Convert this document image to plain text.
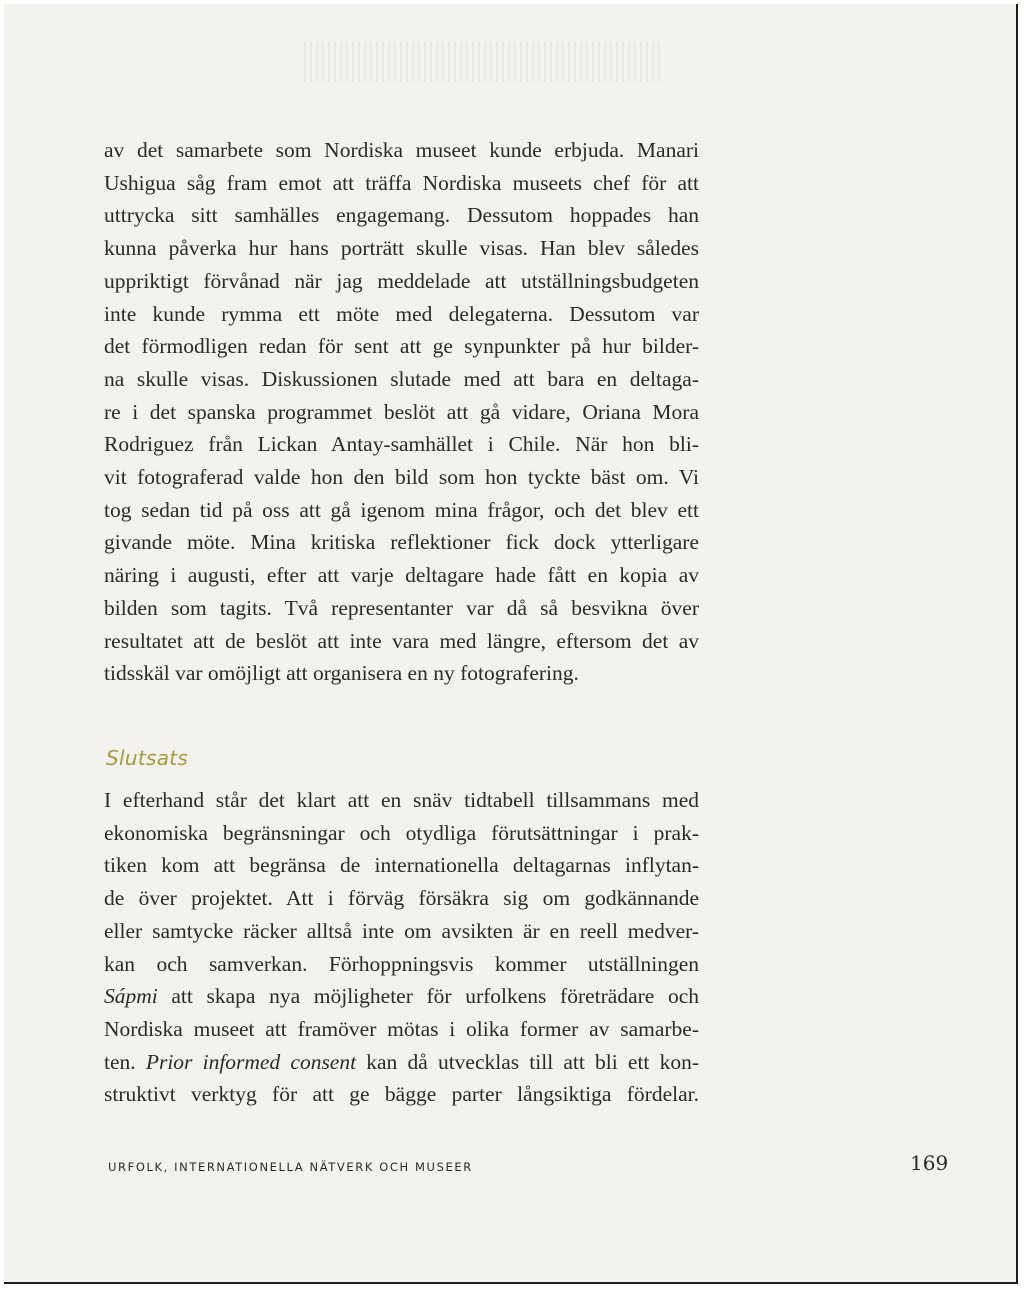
av det samarbete som Nordiska museet kunde erbjuda. Manari
Ushigua såg fram emot att träffa Nordiska museets chef för att
uttrycka sitt samhälles engagemang. Dessutom hoppades han
kunna påverka hur hans porträtt skulle visas. Han blev således
uppriktigt förvånad när jag meddelade att utställningsbudgeten
inte kunde rymma ett möte med delegaterna. Dessutom var
det förmodligen redan för sent att ge synpunkter på hur bilder-
na skulle visas. Diskussionen slutade med att bara en deltaga-
re i det spanska programmet beslöt att gå vidare, Oriana Mora
Rodriguez från Lickan Antay-samhället i Chile. När hon bli-
vit fotograferad valde hon den bild som hon tyckte bäst om. Vi
tog sedan tid på oss att gå igenom mina frågor, och det blev ett
givande möte. Mina kritiska reflektioner fick dock ytterligare
näring i augusti, efter att varje deltagare hade fått en kopia av
bilden som tagits. Två representanter var då så besvikna över
resultatet att de beslöt att inte vara med längre, eftersom det av
tidsskäl var omöjligt att organisera en ny fotografering.
Slutsats
I efterhand står det klart att en snäv tidtabell tillsammans med
ekonomiska begränsningar och otydliga förutsättningar i prak-
tiken kom att begränsa de internationella deltagarnas inflytan-
de över projektet. Att i förväg försäkra sig om godkännande
eller samtycke räcker alltså inte om avsikten är en reell medver-
kan och samverkan. Förhoppningsvis kommer utställningen
Sápmi att skapa nya möjligheter för urfolkens företrädare och
Nordiska museet att framöver mötas i olika former av samarbe-
ten. Prior informed consent kan då utvecklas till att bli ett kon-
struktivt verktyg för att ge bägge parter långsiktiga fördelar.
URFOLK, INTERNATIONELLA NÄTVERK OCH MUSEER	169
